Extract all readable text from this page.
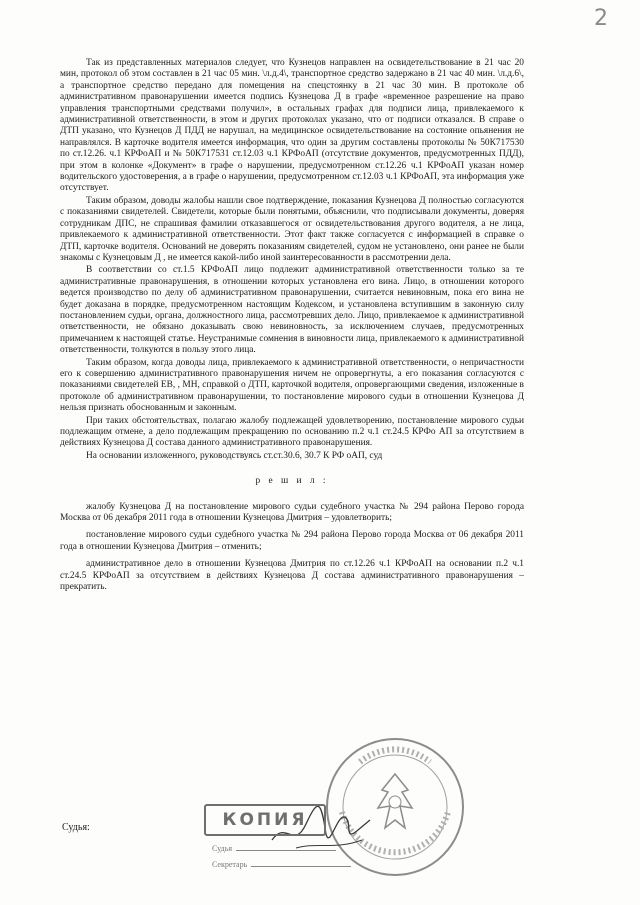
2

Так из представленных материалов следует, что Кузнецов направлен на освидетельствование в 21 час 20 мин, протокол об этом составлен в 21 час 05 мин. \л.д.4\, транспортное средство задержано в 21 час 40 мин. \л.д.6\, а транспортное средство передано для помещения на спецстоянку в 21 час 30 мин. В протоколе об административном правонарушении имеется подпись Кузнецова Д в графе «временное разрешение на право управления транспортными средствами получил», в остальных графах для подписи лица, привлекаемого к административной ответственности, в этом и других протоколах указано, что от подписи отказался. В справе о ДТП указано, что Кузнецов Д ПДД не нарушал, на медицинское освидетельствование на состояние опьянения не направлялся. В карточке водителя имеется информация, что один за другим составлены протоколы № 50К717530 по ст.12.26. ч.1 КРФоАП и № 50К717531 ст.12.03 ч.1 КРФоАП (отсутствие документов, предусмотренных ПДД), при этом в колонке «Документ» в графе о нарушении, предусмотренном ст.12.26 ч.1 КРФоАП указан номер водительского удостоверения, а в графе о нарушении, предусмотренном ст.12.03 ч.1 КРФоАП, эта информация уже отсутствует.

Таким образом, доводы жалобы нашли свое подтверждение, показания Кузнецова Д полностью согласуются с показаниями свидетелей. Свидетели, которые были понятыми, объяснили, что подписывали документы, доверяя сотрудникам ДПС, не спрашивая фамилии отказавшегося от освидетельствования другого водителя, а не лица, привлекаемого к административной ответственности. Этот факт также согласуется с информацией в справке о ДТП, карточке водителя. Оснований не доверять показаниям свидетелей, судом не установлено, они ранее не были знакомы с Кузнецовым Д , не имеется какой-либо иной заинтересованности в рассмотрении дела.

В соответствии со ст.1.5 КРФоАП лицо подлежит административной ответственности только за те административные правонарушения, в отношении которых установлена его вина. Лицо, в отношении которого ведется производство по делу об административном правонарушении, считается невиновным, пока его вина не будет доказана в порядке, предусмотренном настоящим Кодексом, и установлена вступившим в законную силу постановлением судьи, органа, должностного лица, рассмотревших дело. Лицо, привлекаемое к административной ответственности, не обязано доказывать свою невиновность, за исключением случаев, предусмотренных примечанием к настоящей статье. Неустранимые сомнения в виновности лица, привлекаемого к административной ответственности, толкуются в пользу этого лица.

Таким образом, когда доводы лица, привлекаемого к административной ответственности, о непричастности его к совершению административного правонарушения ничем не опровергнуты, а его показания согласуются с показаниями свидетелей ЕВ, , МН, справкой о ДТП, карточкой водителя, опровергающими сведения, изложенные в протоколе об административном правонарушении, то постановление мирового судьи в отношении Кузнецова Д нельзя признать обоснованным и законным.

При таких обстоятельствах, полагаю жалобу подлежащей удовлетворению, постановление мирового судьи подлежащим отмене, а дело подлежащим прекращению по основанию п.2 ч.1 ст.24.5 КРФо АП за отсутствием в действиях Кузнецова Д состава данного административного правонарушения.

На основании изложенного, руководствуясь ст.ст.30.6, 30.7 К РФ оАП, суд

р е ш и л :

жалобу Кузнецова Д на постановление мирового судьи судебного участка № 294 района Перово города Москва от 06 декабря 2011 года в отношении Кузнецова Дмитрия – удовлетворить;

постановление мирового судьи судебного участка № 294 района Перово города Москва от 06 декабря 2011 года в отношении Кузнецова Дмитрия – отменить;

административное дело в отношении Кузнецова Дмитрия по ст.12.26 ч.1 КРФоАП на основании п.2 ч.1 ст.24.5 КРФоАП за отсутствием в действиях Кузнецова Д состава административного правонарушения – прекратить.

КОПИЯ
Судья
Секретарь
Судья:
